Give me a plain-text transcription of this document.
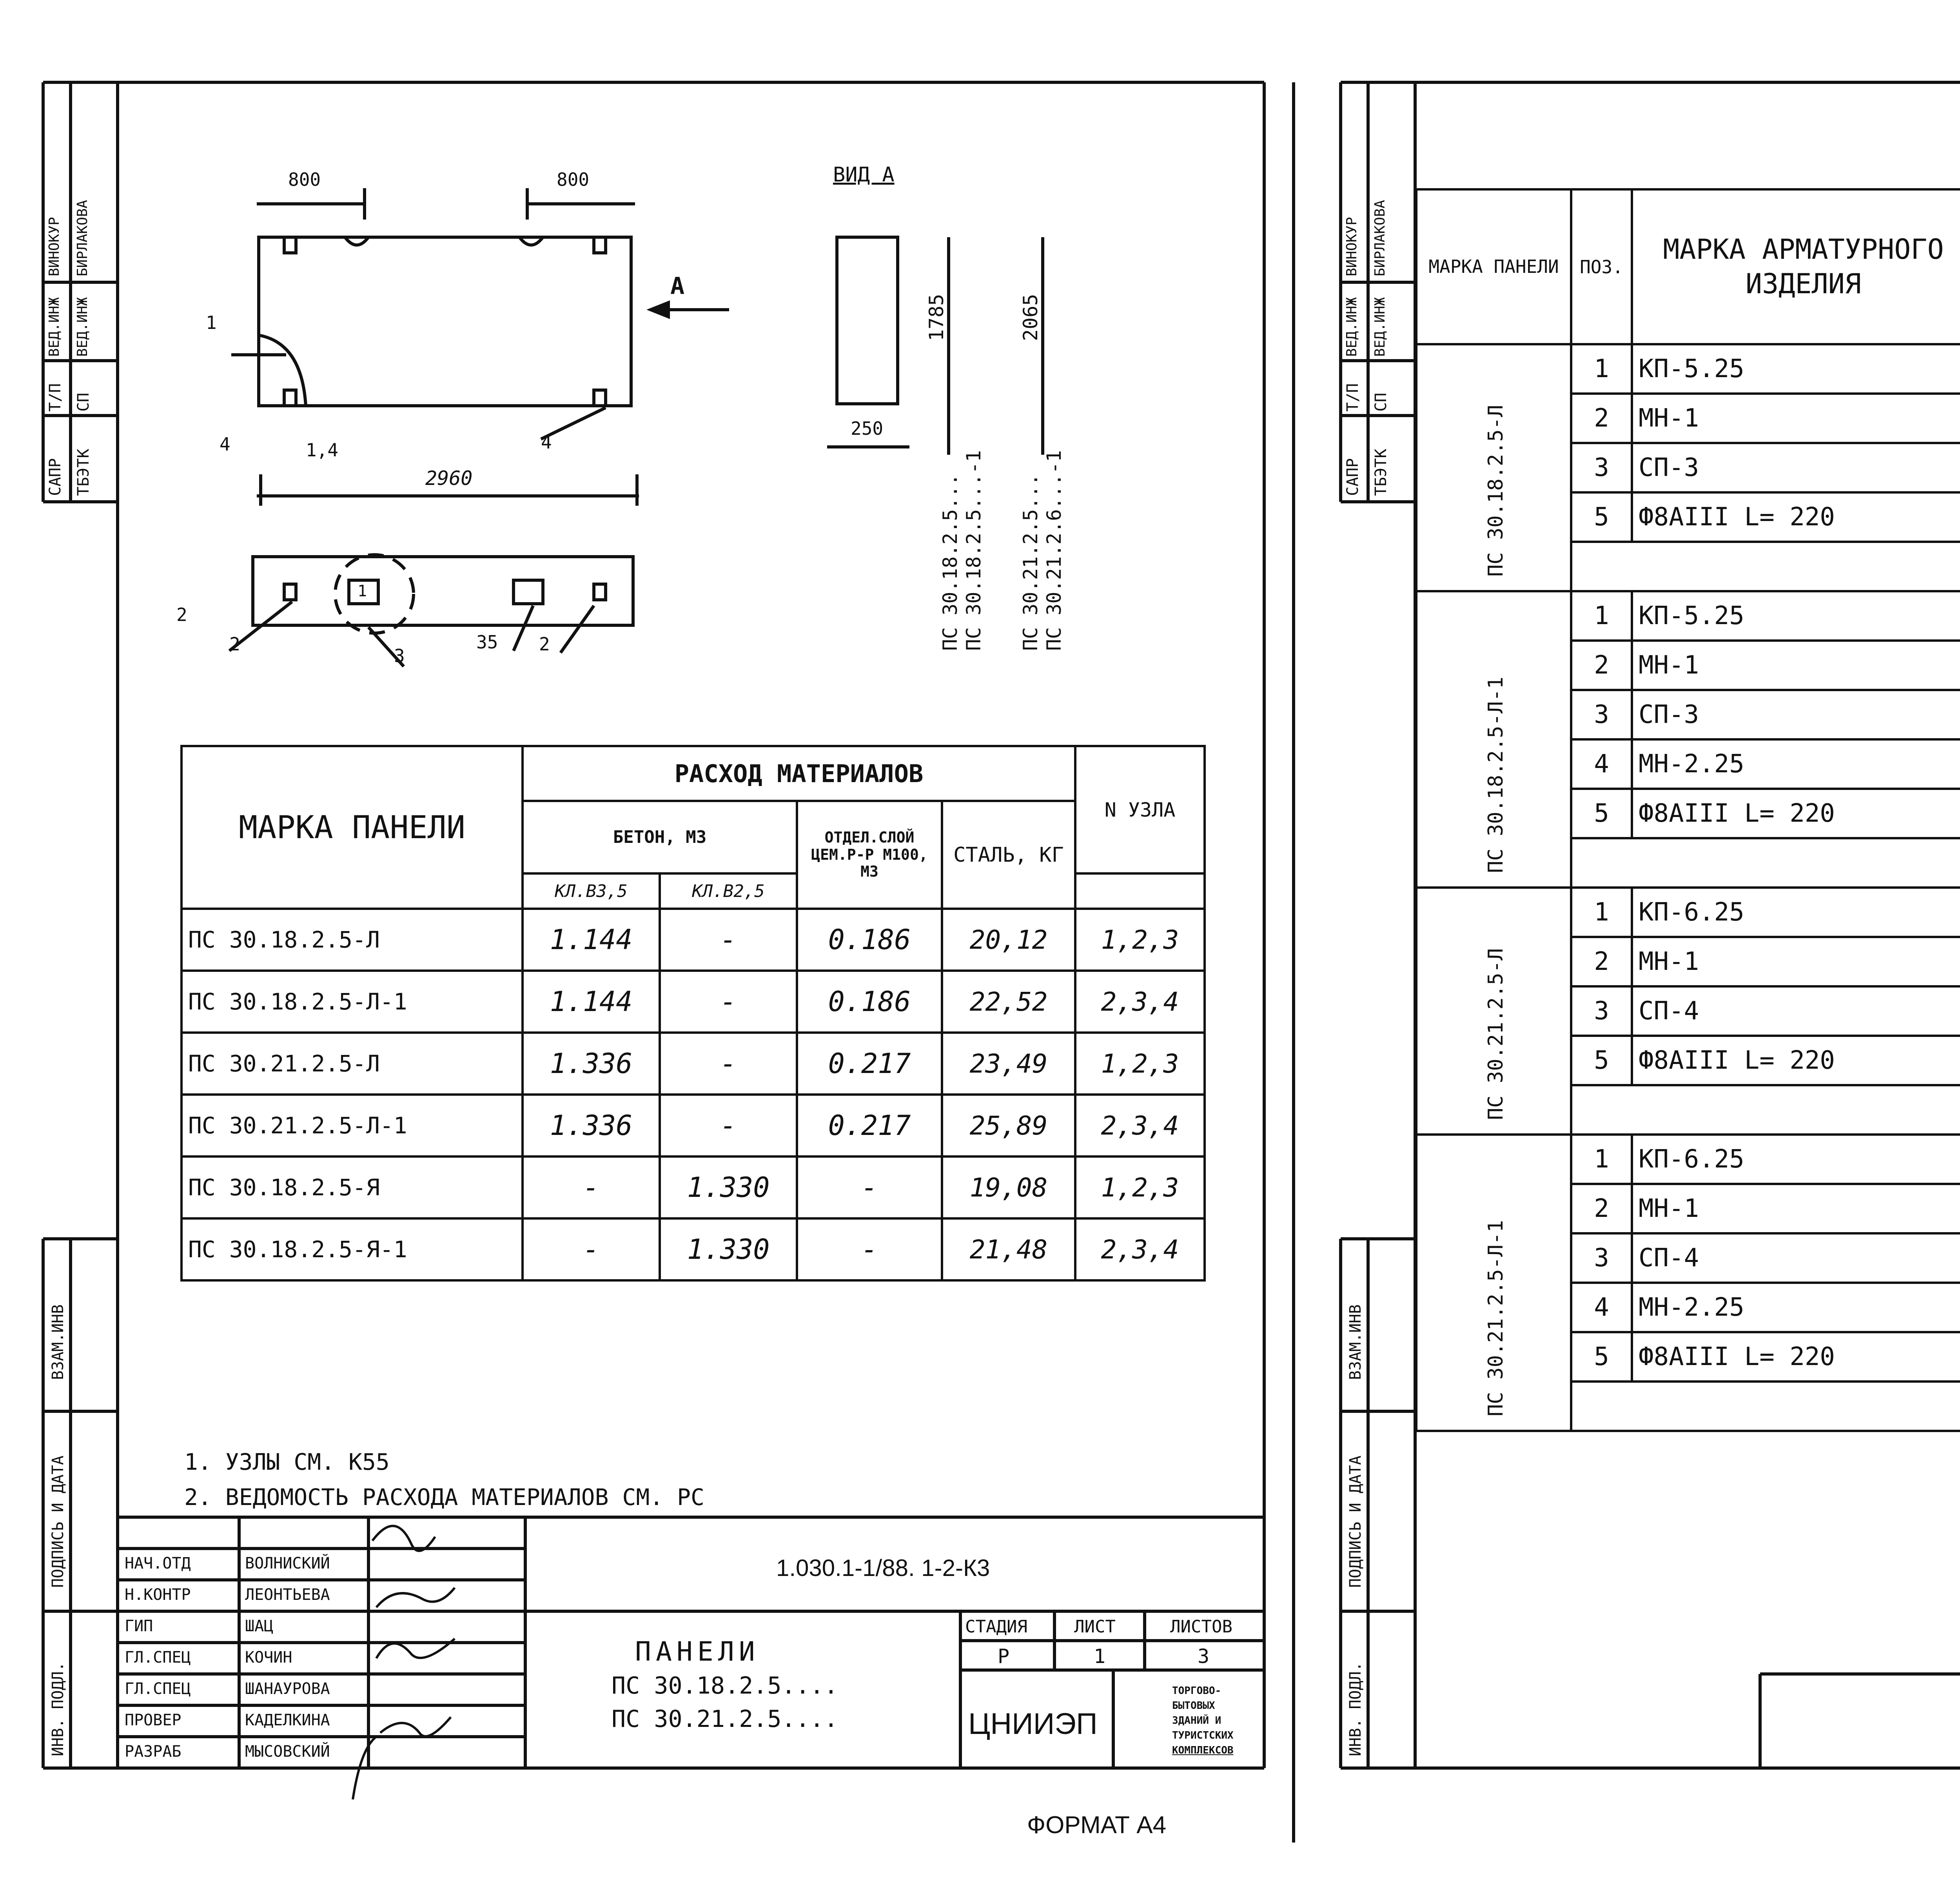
САПР
Т/П
ВЕД.ИНЖ
ВИНОКУР
ТБЭТК
СП
ВЕД.ИНЖ
БИРЛАКОВА
ВЗАМ.ИНВ
ПОДПИСЬ И ДАТА
ИНВ. ПОДЛ.
800	800
2960
А
ВИД А
250
1785	2065
1
4	1,4	4
2
2
3
35 2
1	ПС 30.18.2.5... ПС 30.18.2.5...-1 ПС 30.21.2.5... ПС 30.21.2.6...-1
МАРКА ПАНЕЛИ	РАСХОД МАТЕРИАЛОВ				N УЗЛА
	БЕТОН, М3		ОТДЕЛ.СЛОЙ ЦЕМ.Р-Р М100, М3	СТАЛЬ, КГ	
	КЛ.В3,5	КЛ.В2,5			
ПС 30.18.2.5-Л	1.144	-	0.186	20,12	1,2,3
ПС 30.18.2.5-Л-1	1.144	-	0.186	22,52	2,3,4
ПС 30.21.2.5-Л	1.336	-	0.217	23,49	1,2,3
ПС 30.21.2.5-Л-1	1.336	-	0.217	25,89	2,3,4
ПС 30.18.2.5-Я	-	1.330	-	19,08	1,2,3
ПС 30.18.2.5-Я-1	-	1.330	-	21,48	2,3,4
1. УЗЛЫ СМ. К55
2. ВЕДОМОСТЬ РАСХОДА МАТЕРИАЛОВ СМ. РС
1.030.1-1/88. 1-2-К3
НАЧ.ОТД	ВОЛНИСКИЙ
Н.КОНТР	ЛЕОНТЬЕВА
ГИП	ШАЦ
ГЛ.СПЕЦ	КОЧИН
ГЛ.СПЕЦ	ШАНАУРОВА
ПРОВЕР	КАДЕЛКИНА
РАЗРАБ	МЫСОВСКИЙ
ПАНЕЛИ
ПС 30.18.2.5....
ПС 30.21.2.5....
СТАДИЯ	ЛИСТ	ЛИСТОВ
Р	1	3
ЦНИИЭП
ТОРГОВО-
БЫТОВЫХ
ЗДАНИЙ И
ТУРИСТСКИХ
КОМПЛЕКСОВ
ФОРМАТ А4
САПР
Т/П
ВЕД.ИНЖ
ВИНОКУР
ТБЭТК
СП
ВЕД.ИНЖ
БИРЛАКОВА
ВЗАМ.ИНВ
ПОДПИСЬ И ДАТА
ИНВ. ПОДЛ.
МАРКА ПАНЕЛИ	ПОЗ.	МАРКА АРМАТУРНОГО ИЗДЕЛИЯ			

ПС 30.18.2.5-Л	1	КП-5.25				
	2	МН-1				
	3	СП-3				
	5	Ф8АIII L= 220				

ПС 30.18.2.5-Л-1	1	КП-5.25				
	2	МН-1				
	3	СП-3				
	4	МН-2.25				
	5	Ф8АIII L= 220				

ПС 30.21.2.5-Л	1	КП-6.25				
	2	МН-1				
	3	СП-4				
	5	Ф8АIII L= 220				

ПС 30.21.2.5-Л-1	1	КП-6.25				
	2	МН-1				
	3	СП-4				
	4	МН-2.25				
	5	Ф8АIII L= 220				
